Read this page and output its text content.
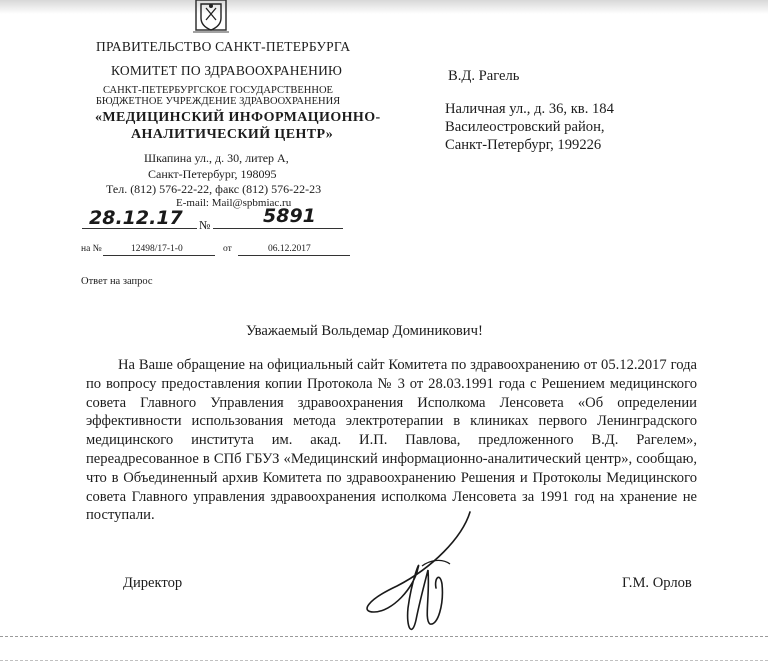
ПРАВИТЕЛЬСТВО САНКТ-ПЕТЕРБУРГА
КОМИТЕТ ПО ЗДРАВООХРАНЕНИЮ
САНКТ-ПЕТЕРБУРГСКОЕ ГОСУДАРСТВЕННОЕ
БЮДЖЕТНОЕ УЧРЕЖДЕНИЕ ЗДРАВООХРАНЕНИЯ
«МЕДИЦИНСКИЙ ИНФОРМАЦИОННО-
АНАЛИТИЧЕСКИЙ ЦЕНТР»
Шкапина ул., д. 30, литер А,
Санкт-Петербург, 198095
Тел. (812) 576-22-22, факс (812) 576-22-23
E-mail: Mail@spbmiac.ru
28.12.17 №	5891
на №	12498/17-1-0	от	06.12.2017
Ответ на запрос
В.Д. Рагель
Наличная ул., д. 36, кв. 184
Василеостровский район,
Санкт-Петербург, 199226
Уважаемый Вольдемар Доминикович!

На Ваше обращение на официальный сайт Комитета по здравоохранению от 05.12.2017 года по вопросу предоставления копии Протокола № 3 от 28.03.1991 года с Решением медицинского совета Главного Управления здравоохранения Исполкома Ленсовета «Об определении эффективности использования метода электротерапии в клиниках первого Ленинградского медицинского института им. акад. И.П. Павлова, предложенного В.Д. Рагелем», переадресованное в СПб ГБУЗ «Медицинский информационно-аналитический центр», сообщаю, что в Объединенный архив Комитета по здравоохранению Решения и Протоколы Медицинского совета Главного управления здравоохранения исполкома Ленсовета за 1991 год на хранение не поступали.

Директор	Г.М. Орлов
